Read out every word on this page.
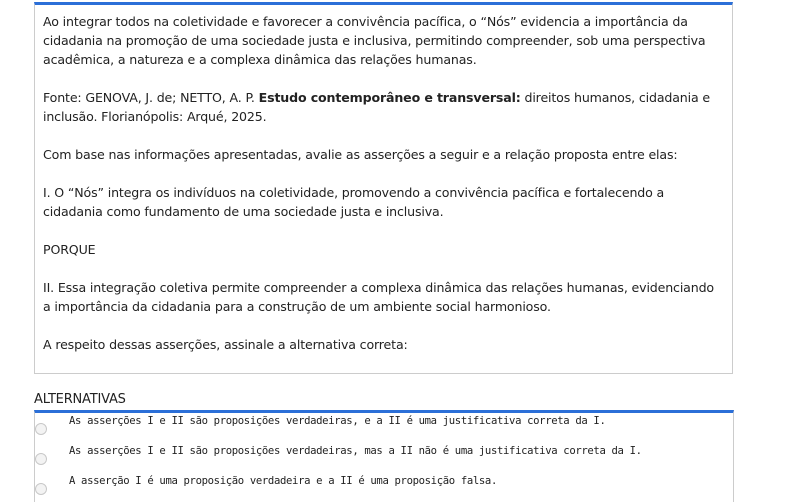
Ao integrar todos na coletividade e favorecer a convivência pacífica, o “Nós” evidencia a importância da cidadania na promoção de uma sociedade justa e inclusiva, permitindo compreender, sob uma perspectiva acadêmica, a natureza e a complexa dinâmica das relações humanas.

Fonte: GENOVA, J. de; NETTO, A. P. Estudo contemporâneo e transversal: direitos humanos, cidadania e inclusão. Florianópolis: Arqué, 2025.

Com base nas informações apresentadas, avalie as asserções a seguir e a relação proposta entre elas:

I. O “Nós” integra os indivíduos na coletividade, promovendo a convivência pacífica e fortalecendo a cidadania como fundamento de uma sociedade justa e inclusiva.

PORQUE

II. Essa integração coletiva permite compreender a complexa dinâmica das relações humanas, evidenciando a importância da cidadania para a construção de um ambiente social harmonioso.

A respeito dessas asserções, assinale a alternativa correta:

ALTERNATIVAS
As asserções I e II são proposições verdadeiras, e a II é uma justificativa correta da I.
As asserções I e II são proposições verdadeiras, mas a II não é uma justificativa correta da I.
A asserção I é uma proposição verdadeira e a II é uma proposição falsa.
